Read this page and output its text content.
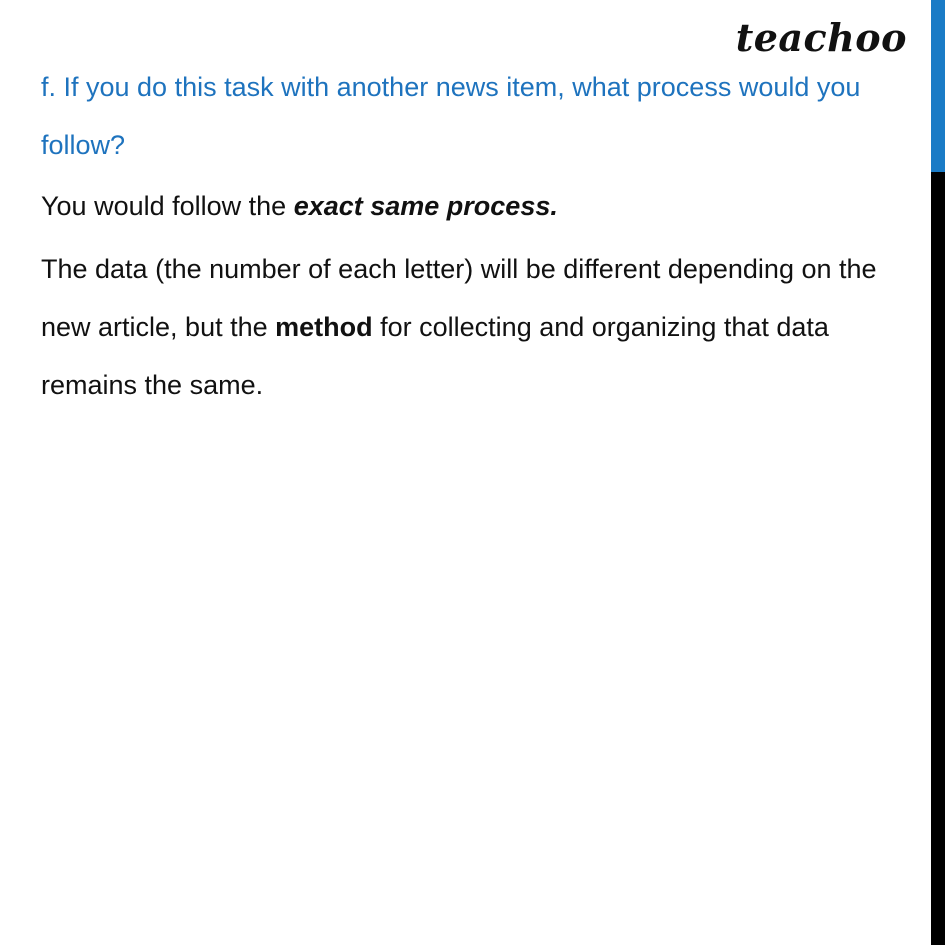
teachoo

f. If you do this task with another news item, what process would you follow?

You would follow the exact same process.

The data (the number of each letter) will be different depending on the new article, but the method for collecting and organizing that data remains the same.
